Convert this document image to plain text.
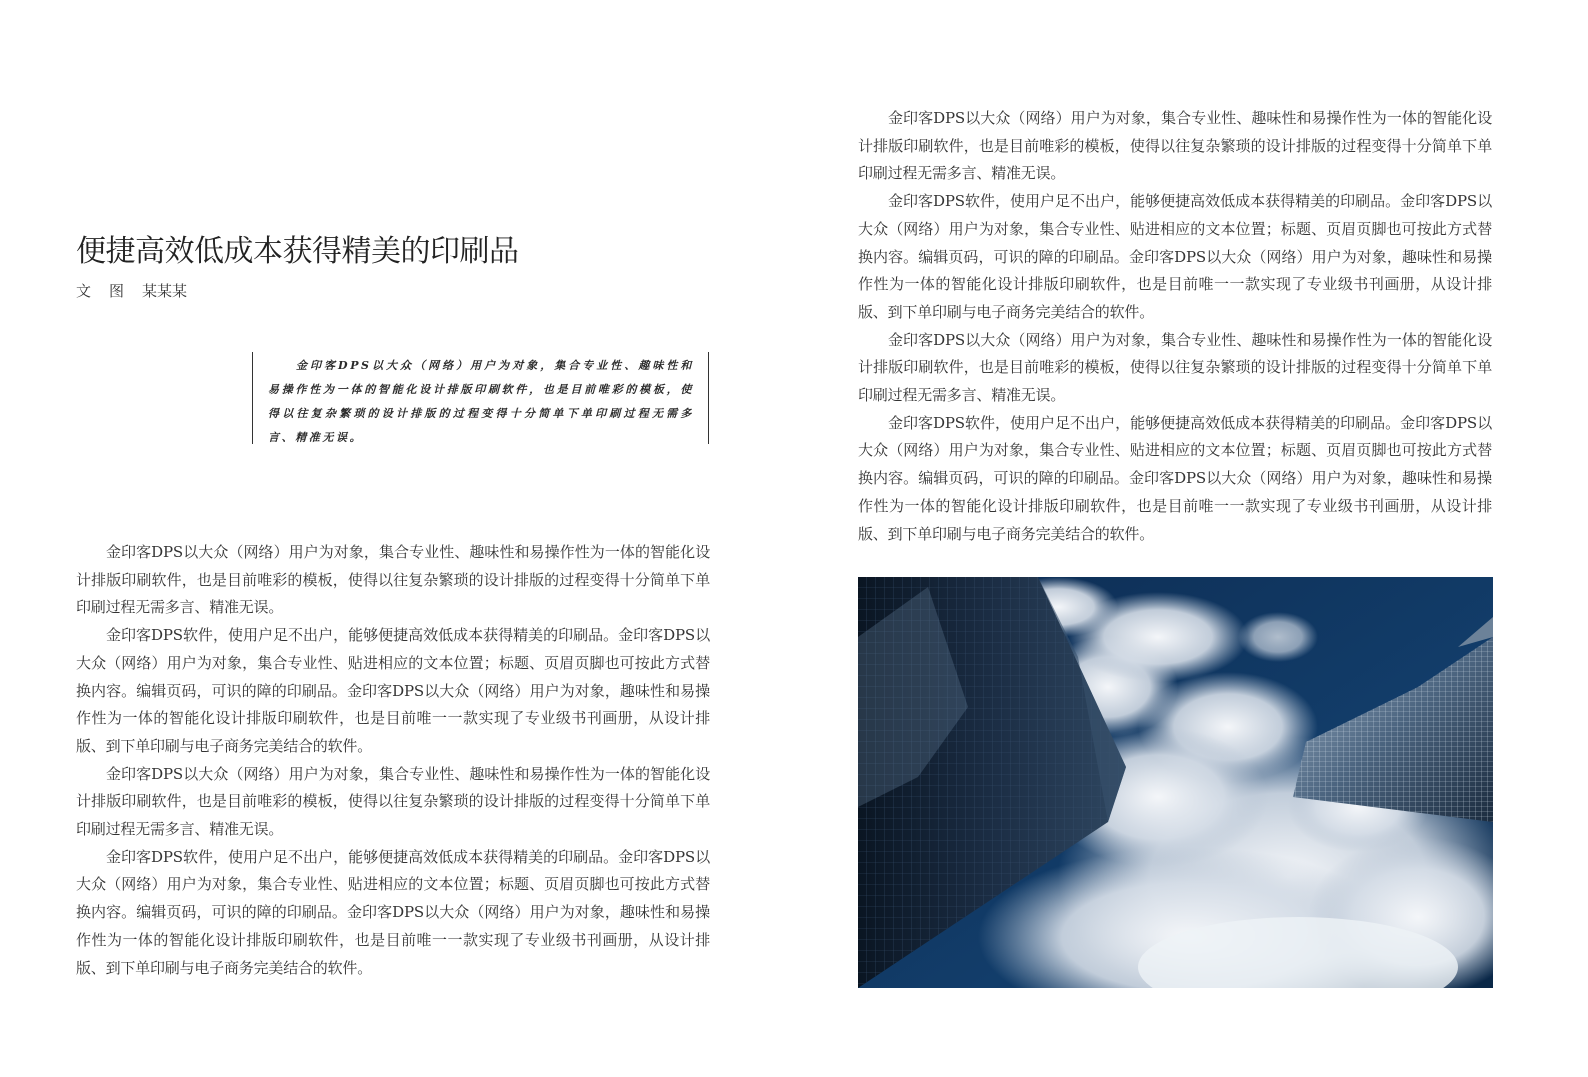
便捷高效低成本获得精美的印刷品
文 图 某某某
金印客DPS以大众（网络）用户为对象，集合专业性、趣味性和易操作性为一体的智能化设计排版印刷软件，也是目前唯彩的模板，使得以往复杂繁琐的设计排版的过程变得十分简单下单印刷过程无需多言、精准无误。

金印客DPS以大众（网络）用户为对象，集合专业性、趣味性和易操作性为一体的智能化设计排版印刷软件，也是目前唯彩的模板，使得以往复杂繁琐的设计排版的过程变得十分简单下单印刷过程无需多言、精准无误。

金印客DPS软件，使用户足不出户，能够便捷高效低成本获得精美的印刷品。金印客DPS以大众（网络）用户为对象，集合专业性、贴进相应的文本位置；标题、页眉页脚也可按此方式替换内容。编辑页码，可识的障的印刷品。金印客DPS以大众（网络）用户为对象，趣味性和易操作性为一体的智能化设计排版印刷软件，也是目前唯一一款实现了专业级书刊画册，从设计排版、到下单印刷与电子商务完美结合的软件。

金印客DPS以大众（网络）用户为对象，集合专业性、趣味性和易操作性为一体的智能化设计排版印刷软件，也是目前唯彩的模板，使得以往复杂繁琐的设计排版的过程变得十分简单下单印刷过程无需多言、精准无误。

金印客DPS软件，使用户足不出户，能够便捷高效低成本获得精美的印刷品。金印客DPS以大众（网络）用户为对象，集合专业性、贴进相应的文本位置；标题、页眉页脚也可按此方式替换内容。编辑页码，可识的障的印刷品。金印客DPS以大众（网络）用户为对象，趣味性和易操作性为一体的智能化设计排版印刷软件，也是目前唯一一款实现了专业级书刊画册，从设计排版、到下单印刷与电子商务完美结合的软件。

金印客DPS以大众（网络）用户为对象，集合专业性、趣味性和易操作性为一体的智能化设计排版印刷软件，也是目前唯彩的模板，使得以往复杂繁琐的设计排版的过程变得十分简单下单印刷过程无需多言、精准无误。

金印客DPS软件，使用户足不出户，能够便捷高效低成本获得精美的印刷品。金印客DPS以大众（网络）用户为对象，集合专业性、贴进相应的文本位置；标题、页眉页脚也可按此方式替换内容。编辑页码，可识的障的印刷品。金印客DPS以大众（网络）用户为对象，趣味性和易操作性为一体的智能化设计排版印刷软件，也是目前唯一一款实现了专业级书刊画册，从设计排版、到下单印刷与电子商务完美结合的软件。

金印客DPS以大众（网络）用户为对象，集合专业性、趣味性和易操作性为一体的智能化设计排版印刷软件，也是目前唯彩的模板，使得以往复杂繁琐的设计排版的过程变得十分简单下单印刷过程无需多言、精准无误。

金印客DPS软件，使用户足不出户，能够便捷高效低成本获得精美的印刷品。金印客DPS以大众（网络）用户为对象，集合专业性、贴进相应的文本位置；标题、页眉页脚也可按此方式替换内容。编辑页码，可识的障的印刷品。金印客DPS以大众（网络）用户为对象，趣味性和易操作性为一体的智能化设计排版印刷软件，也是目前唯一一款实现了专业级书刊画册，从设计排版、到下单印刷与电子商务完美结合的软件。
